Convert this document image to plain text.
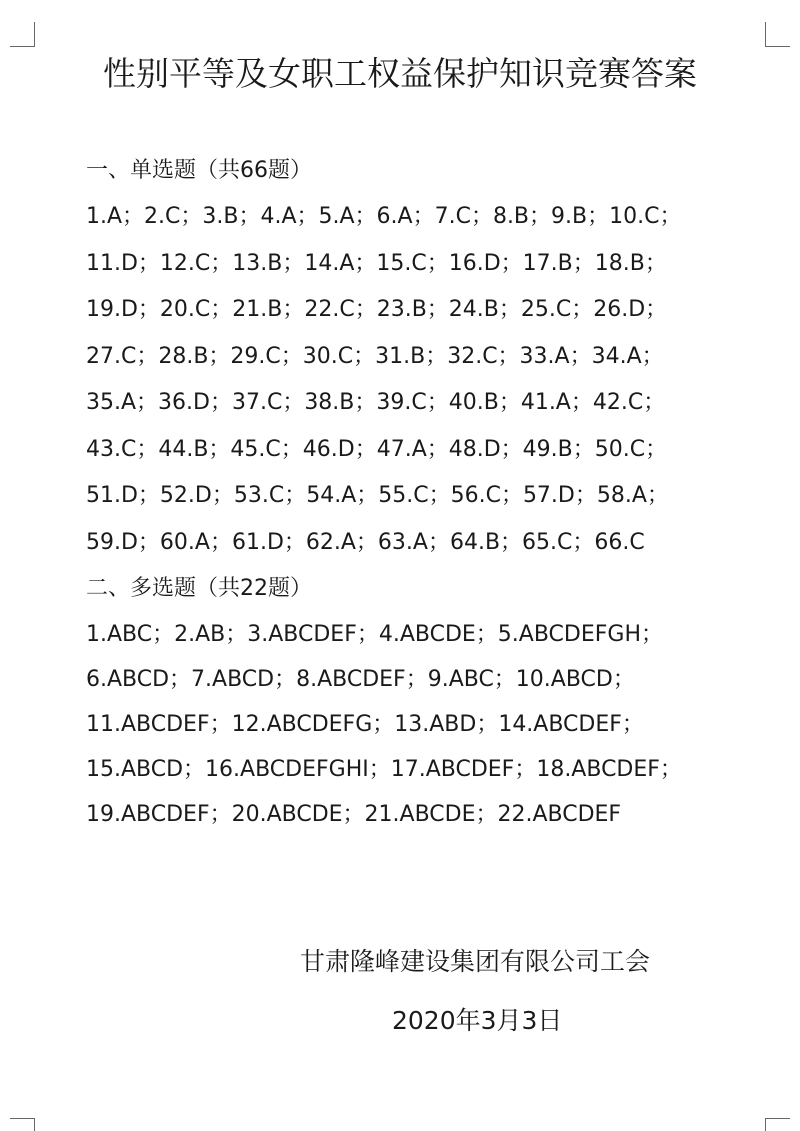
性别平等及女职工权益保护知识竞赛答案
一、单选题（共66题）
1.A；2.C；3.B；4.A；5.A；6.A；7.C；8.B；9.B；10.C；
11.D；12.C；13.B；14.A；15.C；16.D；17.B；18.B；
19.D；20.C；21.B；22.C；23.B；24.B；25.C；26.D；
27.C；28.B；29.C；30.C；31.B；32.C；33.A；34.A；
35.A；36.D；37.C；38.B；39.C；40.B；41.A；42.C；
43.C；44.B；45.C；46.D；47.A；48.D；49.B；50.C；
51.D；52.D；53.C；54.A；55.C；56.C；57.D；58.A；
59.D；60.A；61.D；62.A；63.A；64.B；65.C；66.C
二、多选题（共22题）
1.ABC；2.AB；3.ABCDEF；4.ABCDE；5.ABCDEFGH；
6.ABCD；7.ABCD；8.ABCDEF；9.ABC；10.ABCD；
11.ABCDEF；12.ABCDEFG；13.ABD；14.ABCDEF；
15.ABCD；16.ABCDEFGHI；17.ABCDEF；18.ABCDEF；
19.ABCDEF；20.ABCDE；21.ABCDE；22.ABCDEF
甘肃隆峰建设集团有限公司工会
2020年3月3日
